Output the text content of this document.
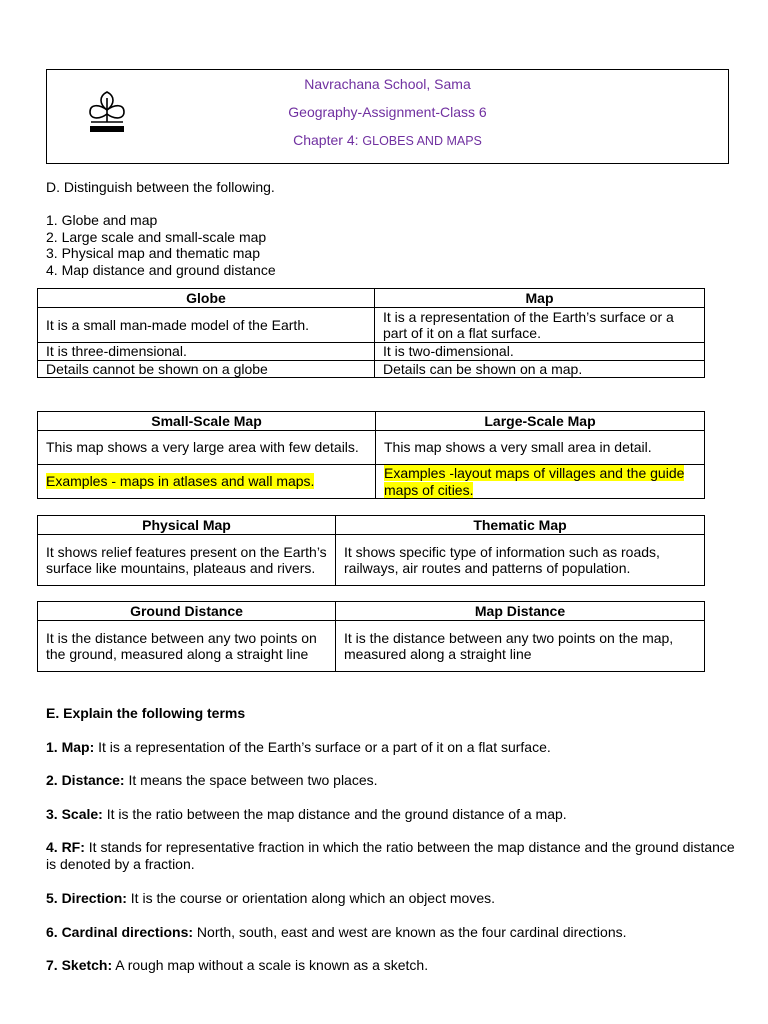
Navrachana School, Sama
Geography-Assignment-Class 6
Chapter 4: GLOBES AND MAPS
D. Distinguish between the following.
1. Globe and map
2. Large scale and small-scale map
3. Physical map and thematic map
4. Map distance and ground distance
Globe	Map
It is a small man-made model of the Earth.	It is a representation of the Earth’s surface or a part of it on a flat surface.
It is three-dimensional.	It is two-dimensional.
Details cannot be shown on a globe	Details can be shown on a map.
Small-Scale Map	Large-Scale Map
This map shows a very large area with few details.	This map shows a very small area in detail.
Examples - maps in atlases and wall maps.	Examples -layout maps of villages and the guide maps of cities.
Physical Map	Thematic Map
It shows relief features present on the Earth’s surface like mountains, plateaus and rivers.	It shows specific type of information such as roads, railways, air routes and patterns of population.
Ground Distance	Map Distance
It is the distance between any two points on the ground, measured along a straight line	It is the distance between any two points on the map, measured along a straight line
E. Explain the following terms
1. Map: It is a representation of the Earth’s surface or a part of it on a flat surface.
2. Distance: It means the space between two places.
3. Scale: It is the ratio between the map distance and the ground distance of a map.
4. RF: It stands for representative fraction in which the ratio between the map distance and the ground distance is denoted by a fraction.
5. Direction: It is the course or orientation along which an object moves.
6. Cardinal directions: North, south, east and west are known as the four cardinal directions.
7. Sketch: A rough map without a scale is known as a sketch.
